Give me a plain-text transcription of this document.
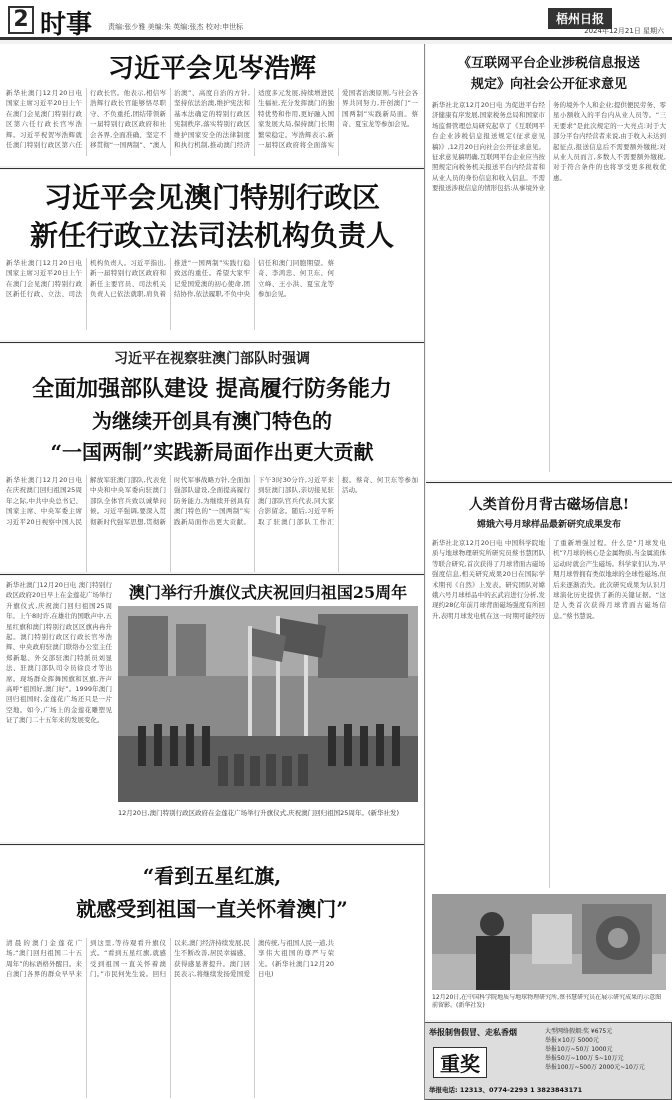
2 时事 责编:张少雅 美编:朱 英编:张杰 校对:申世标
梧州日报
2024年12月21日 星期六
习近平会见岑浩辉
新华社澳门12月20日电 国家主席习近平20日上午在澳门会见澳门特别行政区第六任行政长官岑浩辉。习近平祝贺岑浩辉就任澳门特别行政区第六任行政长官。他表示,相信岑浩辉行政长官能够恪尽职守、不负重托,团结带领新一届特别行政区政府和社会各界,全面准确、坚定不移贯彻“一国两制”、“澳人治澳”、高度自治的方针,坚持依法治澳,维护宪法和基本法确定的特别行政区宪制秩序,落实特别行政区维护国家安全的法律制度和执行机制,推动澳门经济适度多元发展,持续增进民生福祉,充分发挥澳门的独特优势和作用,更好融入国家发展大局,保持澳门长期繁荣稳定。岑浩辉表示,新一届特区政府将全面落实爱国者治澳原则,与社会各界共同努力,开创澳门“一国两制”实践新局面。蔡奇、夏宝龙等参加会见。
习近平会见澳门特别行政区
新任行政立法司法机构负责人
新华社澳门12月20日电 国家主席习近平20日上午在澳门会见澳门特别行政区新任行政、立法、司法机构负责人。习近平指出,新一届特别行政区政府和新任主要官员、司法机关负责人已依法就职,肩负着推进“一国两制”实践行稳致远的重任。希望大家牢记爱国爱澳的初心使命,团结协作,依法履职,不负中央信任和澳门同胞期望。蔡奇、李鸿忠、何卫东、何立峰、王小洪、夏宝龙等参加会见。
习近平在视察驻澳门部队时强调
全面加强部队建设 提高履行防务能力
为继续开创具有澳门特色的
“一国两制”实践新局面作出更大贡献
新华社澳门12月20日电 在庆祝澳门回归祖国25周年之际,中共中央总书记、国家主席、中央军委主席习近平20日视察中国人民解放军驻澳门部队,代表党中央和中央军委向驻澳门部队全体官兵致以诚挚问候。习近平强调,要深入贯彻新时代强军思想,贯彻新时代军事战略方针,全面加强部队建设,全面提高履行防务能力,为继续开创具有澳门特色的“一国两制”实践新局面作出更大贡献。下午3时30分许,习近平来到驻澳门部队,亲切接见驻澳门部队官兵代表,同大家合影留念。随后,习近平听取了驻澳门部队工作汇报。蔡奇、何卫东等参加活动。
新华社澳门12月20日电 澳门特别行政区政府20日早上在金莲花广场举行升旗仪式,庆祝澳门回归祖国25周年。上午8时许,在雄壮的国歌声中,五星红旗和澳门特别行政区区旗冉冉升起。澳门特别行政区行政长官岑浩辉、中央政府驻澳门联络办公室主任郑新聪、外交部驻澳门特派员刘显法、驻澳门部队司令员徐良才等出席。现场群众挥舞国旗和区旗,齐声高呼“祖国好,澳门好”。1999年澳门回归祖国时,金莲花广场还只是一片空地。如今,广场上的金莲花雕塑见证了澳门二十五年来的发展变化。
澳门举行升旗仪式庆祝回归祖国25周年
12月20日,澳门特别行政区政府在金莲花广场举行升旗仪式,庆祝澳门回归祖国25周年。(新华社发)
“看到五星红旗,
就感受到祖国一直关怀着澳门”
清晨的澳门金莲花广场,“澳门回归祖国二十五周年”的标语格外醒目。来自澳门各界的群众早早来到这里,等待观看升旗仪式。“看到五星红旗,就感受到祖国一直关怀着澳门。”市民何先生说。回归以来,澳门经济持续发展,民生不断改善,居民幸福感、获得感显著提升。澳门居民表示,将继续发扬爱国爱澳传统,与祖国人民一道,共享伟大祖国的尊严与荣光。(新华社澳门12月20日电)
《互联网平台企业涉税信息报送
规定》向社会公开征求意见
新华社北京12月20日电 为促进平台经济健康有序发展,国家税务总局和国家市场监督管理总局研究起草了《互联网平台企业涉税信息报送规定(征求意见稿)》,12月20日向社会公开征求意见。征求意见稿明确,互联网平台企业应当按照规定向税务机关报送平台内经营者和从业人员的身份信息和收入信息。不需要报送涉税信息的情形包括:从事境外业务的境外个人和企业;提供便民劳务、零星小额收入的平台内从业人员等。“三无要求”是此次规定的一大亮点:对于大部分平台内经营者来说,由于收入未达到起征点,报送信息后不需要额外缴税;对从业人员而言,多数人不需要额外缴税,对于符合条件的也将享受更多税收优惠。
人类首份月背古磁场信息!
嫦娥六号月球样品最新研究成果发布
新华社北京12月20日电 中国科学院地质与地球物理研究所研究员蔡书慧团队等联合研究,首次获得了月球背面古磁场强度信息,相关研究成果20日在国际学术期刊《自然》上发表。研究团队对嫦娥六号月球样品中的玄武岩进行分析,发现约28亿年前月球背面磁场强度有所回升,表明月球发电机在这一时期可能经历了重新增强过程。什么是“月球发电机”?月球的核心是金属物质,当金属流体运动时就会产生磁场。科学家们认为,早期月球曾拥有类似地球的全球性磁场,但后来逐渐消失。此次研究成果为认识月球演化历史提供了新的关键证据。“这是人类首次获得月球背面古磁场信息。”蔡书慧说。
12月20日,在中国科学院地质与地球物理研究所,蔡书慧研究员在展示研究成果的示意图前留影。(新华社发)
举报制售假冒、走私香烟
重奖
大型网络假烟:奖 ¥675元
举报×10万 5000元
举报10万~50万 1000元
举报50万~100万 5~10万元
举报100万~500万 2000元~10万元
举报电话: 12313、0774-2293 1 3823843171
